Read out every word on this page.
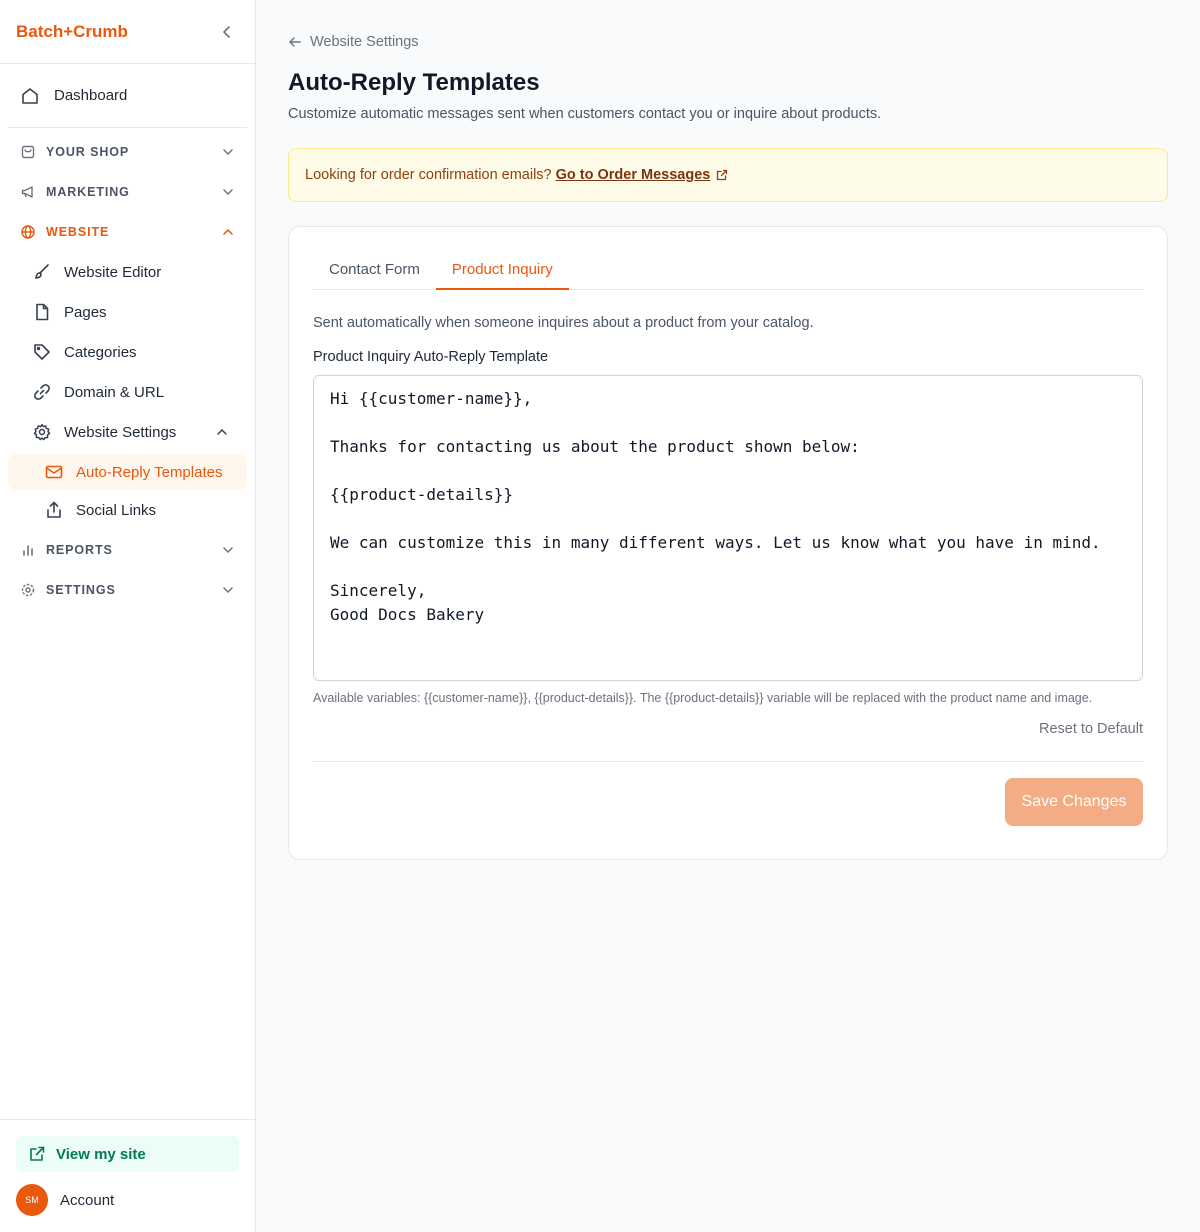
Batch+Crumb
Dashboard
YOUR SHOP
MARKETING
WEBSITE
Website Editor
Pages
Categories
Domain & URL
Website Settings
Auto-Reply Templates
Social Links
REPORTS
SETTINGS
View my site
SM	Account
Website Settings
Auto-Reply Templates

Customize automatic messages sent when customers contact you or inquire about products.

Looking for order confirmation emails? Go to Order Messages
Contact Form	Product Inquiry

Sent automatically when someone inquires about a product from your catalog.

Product Inquiry Auto-Reply Template
Hi {{customer-name}},

Thanks for contacting us about the product shown below:

{{product-details}}

We can customize this in many different ways. Let us know what you have in mind.

Sincerely,
Good Docs Bakery

Available variables: {{customer-name}}, {{product-details}}. The {{product-details}} variable will be replaced with the product name and image.

Reset to Default
Save Changes
